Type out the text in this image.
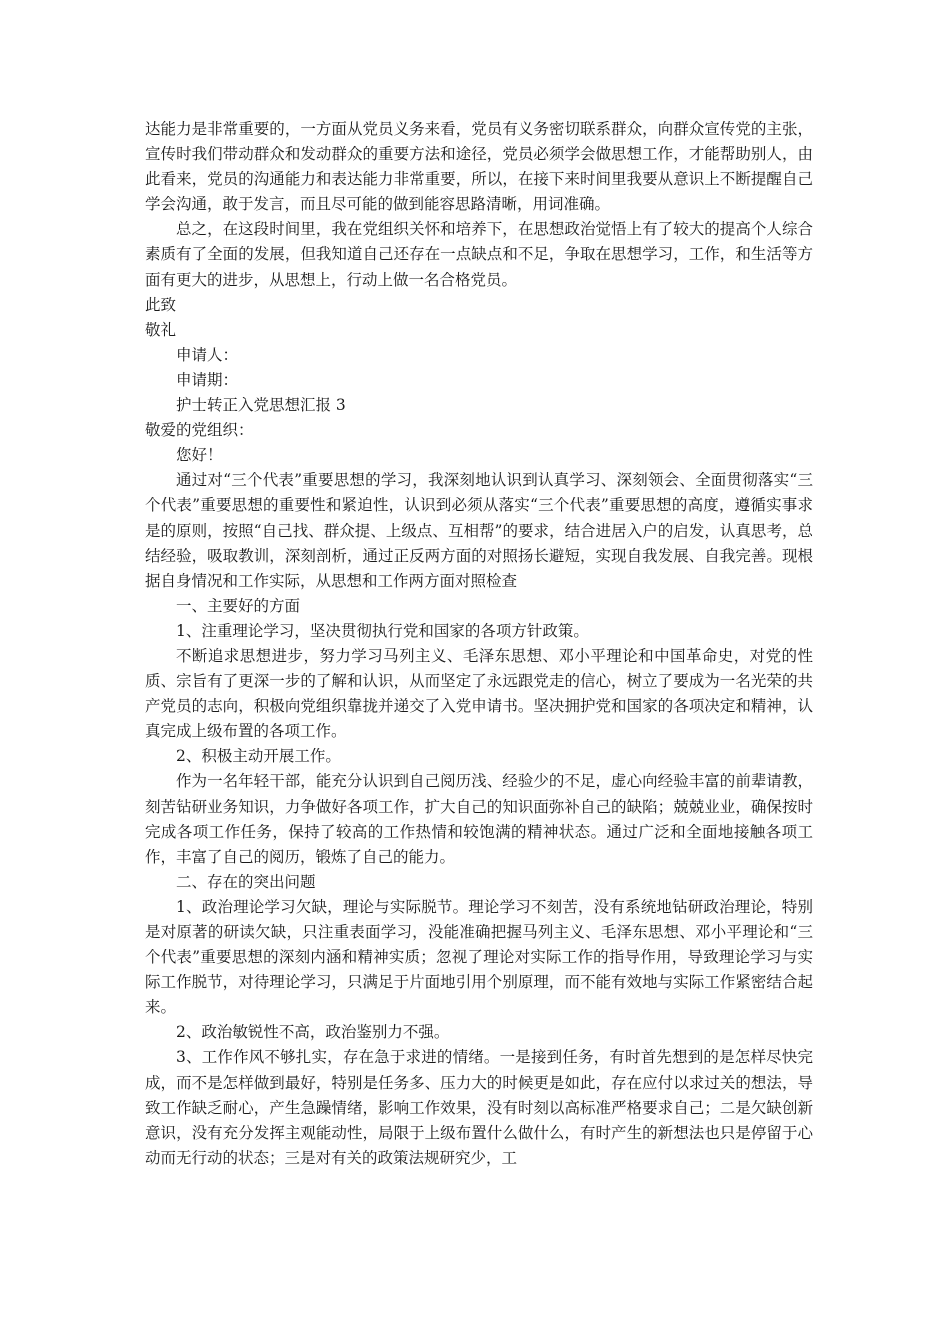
达能力是非常重要的，一方面从党员义务来看，党员有义务密切联系群众，向群众宣传党的主张，宣传时我们带动群众和发动群众的重要方法和途径，党员必须学会做思想工作，才能帮助别人，由此看来，党员的沟通能力和表达能力非常重要，所以，在接下来时间里我要从意识上不断提醒自己学会沟通，敢于发言，而且尽可能的做到能容思路清晰，用词准确。

总之，在这段时间里，我在党组织关怀和培养下，在思想政治觉悟上有了较大的提高个人综合素质有了全面的发展，但我知道自己还存在一点缺点和不足，争取在思想学习，工作，和生活等方面有更大的进步，从思想上，行动上做一名合格党员。

此致

敬礼

申请人：

申请期：

护士转正入党思想汇报 3

敬爱的党组织：

您好！

通过对“三个代表”重要思想的学习，我深刻地认识到认真学习、深刻领会、全面贯彻落实“三个代表”重要思想的重要性和紧迫性，认识到必须从落实“三个代表”重要思想的高度，遵循实事求是的原则，按照“自己找、群众提、上级点、互相帮”的要求，结合进居入户的启发，认真思考，总结经验，吸取教训，深刻剖析，通过正反两方面的对照扬长避短，实现自我发展、自我完善。现根据自身情况和工作实际，从思想和工作两方面对照检查

一、主要好的方面

1、注重理论学习，坚决贯彻执行党和国家的各项方针政策。

不断追求思想进步，努力学习马列主义、毛泽东思想、邓小平理论和中国革命史，对党的性质、宗旨有了更深一步的了解和认识，从而坚定了永远跟党走的信心，树立了要成为一名光荣的共产党员的志向，积极向党组织靠拢并递交了入党申请书。坚决拥护党和国家的各项决定和精神，认真完成上级布置的各项工作。

2、积极主动开展工作。

作为一名年轻干部，能充分认识到自己阅历浅、经验少的不足，虚心向经验丰富的前辈请教，刻苦钻研业务知识，力争做好各项工作，扩大自己的知识面弥补自己的缺陷；兢兢业业，确保按时完成各项工作任务，保持了较高的工作热情和较饱满的精神状态。通过广泛和全面地接触各项工作，丰富了自己的阅历，锻炼了自己的能力。

二、存在的突出问题

1、政治理论学习欠缺，理论与实际脱节。理论学习不刻苦，没有系统地钻研政治理论，特别是对原著的研读欠缺，只注重表面学习，没能准确把握马列主义、毛泽东思想、邓小平理论和“三个代表”重要思想的深刻内涵和精神实质；忽视了理论对实际工作的指导作用，导致理论学习与实际工作脱节，对待理论学习，只满足于片面地引用个别原理，而不能有效地与实际工作紧密结合起来。

2、政治敏锐性不高，政治鉴别力不强。

3、工作作风不够扎实，存在急于求进的情绪。一是接到任务，有时首先想到的是怎样尽快完成，而不是怎样做到最好，特别是任务多、压力大的时候更是如此，存在应付以求过关的想法，导致工作缺乏耐心，产生急躁情绪，影响工作效果，没有时刻以高标准严格要求自己；二是欠缺创新意识，没有充分发挥主观能动性，局限于上级布置什么做什么，有时产生的新想法也只是停留于心动而无行动的状态；三是对有关的政策法规研究少，工
